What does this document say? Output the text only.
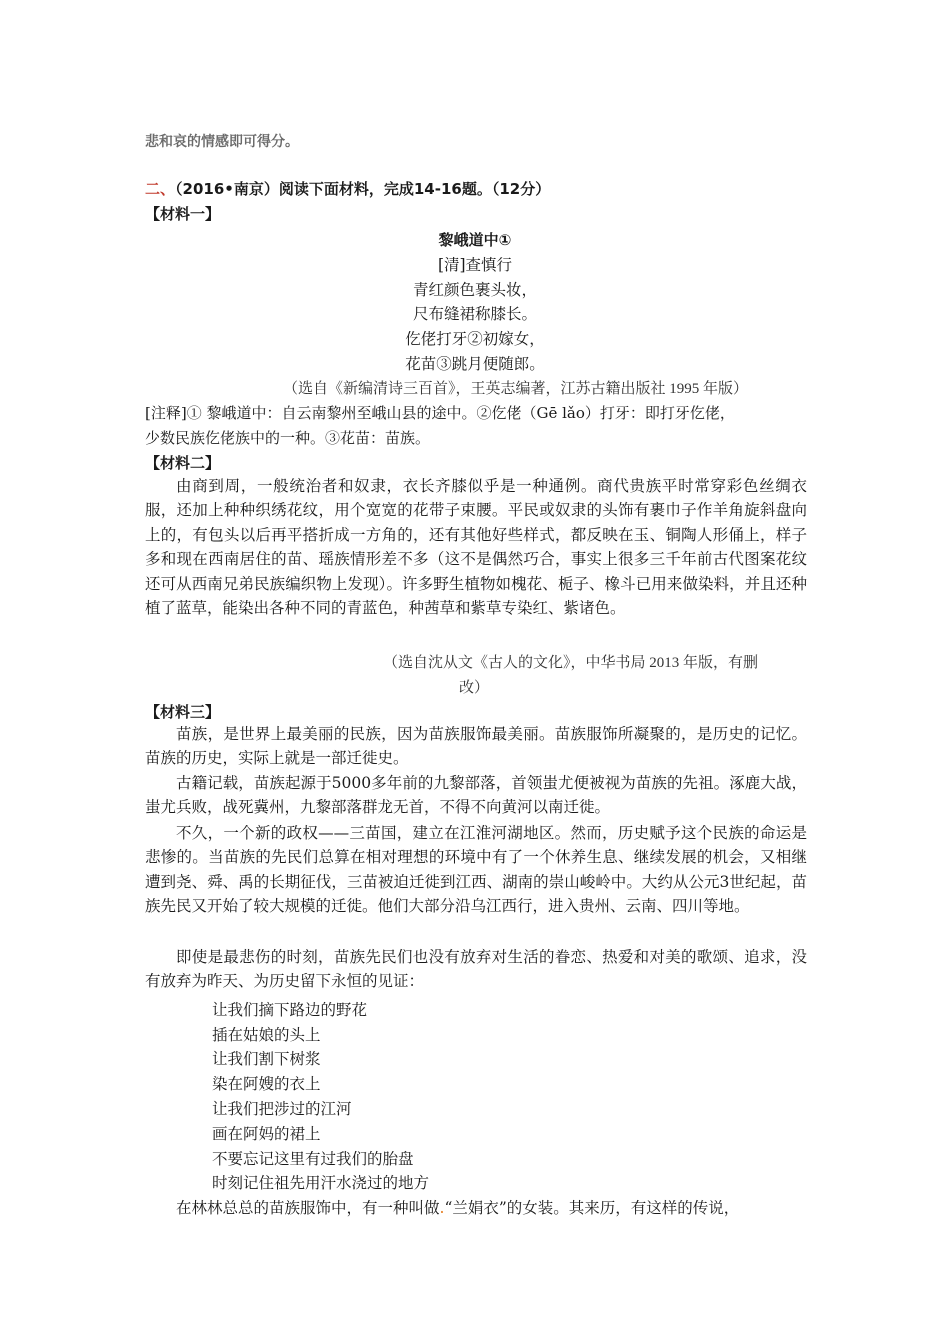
悲和哀的情感即可得分。
二、（2016•南京）阅读下面材料，完成14-16题。（12分）
【材料一】
黎峨道中①
[清]查慎行
青红颜色裹头妆，
尺布缝裙称膝长。
仡佬打牙②初嫁女，
花苗③跳月便随郎。
（选自《新编清诗三百首》，王英志编著，江苏古籍出版社 1995 年版）
[注释]① 黎峨道中：自云南黎州至峨山县的途中。②仡佬（Gē lǎo）打牙：即打牙仡佬，
少数民族仡佬族中的一种。③花苗：苗族。
【材料二】
由商到周，一般统治者和奴隶，衣长齐膝似乎是一种通例。商代贵族平时常穿彩色丝绸衣服，还加上种种织绣花纹，用个宽宽的花带子束腰。平民或奴隶的头饰有裹巾子作羊角旋斜盘向上的，有包头以后再平搭折成一方角的，还有其他好些样式，都反映在玉、铜陶人形俑上，样子多和现在西南居住的苗、瑶族情形差不多（这不是偶然巧合，事实上很多三千年前古代图案花纹还可从西南兄弟民族编织物上发现）。许多野生植物如槐花、栀子、橡斗已用来做染料，并且还种植了蓝草，能染出各种不同的青蓝色，种茜草和紫草专染红、紫诸色。
（选自沈从文《古人的文化》，中华书局 2013 年版，有删
改）
【材料三】
苗族，是世界上最美丽的民族，因为苗族服饰最美丽。苗族服饰所凝聚的，是历史的记忆。苗族的历史，实际上就是一部迁徙史。
古籍记载，苗族起源于5000多年前的九黎部落，首领蚩尤便被视为苗族的先祖。涿鹿大战，蚩尤兵败，战死冀州，九黎部落群龙无首，不得不向黄河以南迁徙。
不久，一个新的政权——三苗国，建立在江淮河湖地区。然而，历史赋予这个民族的命运是悲惨的。当苗族的先民们总算在相对理想的环境中有了一个休养生息、继续发展的机会，又相继遭到尧、舜、禹的长期征伐，三苗被迫迁徙到江西、湖南的崇山峻岭中。大约从公元3世纪起，苗族先民又开始了较大规模的迁徙。他们大部分沿乌江西行，进入贵州、云南、四川等地。
即使是最悲伤的时刻，苗族先民们也没有放弃对生活的眷恋、热爱和对美的歌颂、追求，没有放弃为昨天、为历史留下永恒的见证：
让我们摘下路边的野花
插在姑娘的头上
让我们割下树浆
染在阿嫂的衣上
让我们把涉过的江河
画在阿妈的裙上
不要忘记这里有过我们的胎盘
时刻记住祖先用汗水浇过的地方
在林林总总的苗族服饰中，有一种叫做.“兰娟衣”的女装。其来历，有这样的传说，
